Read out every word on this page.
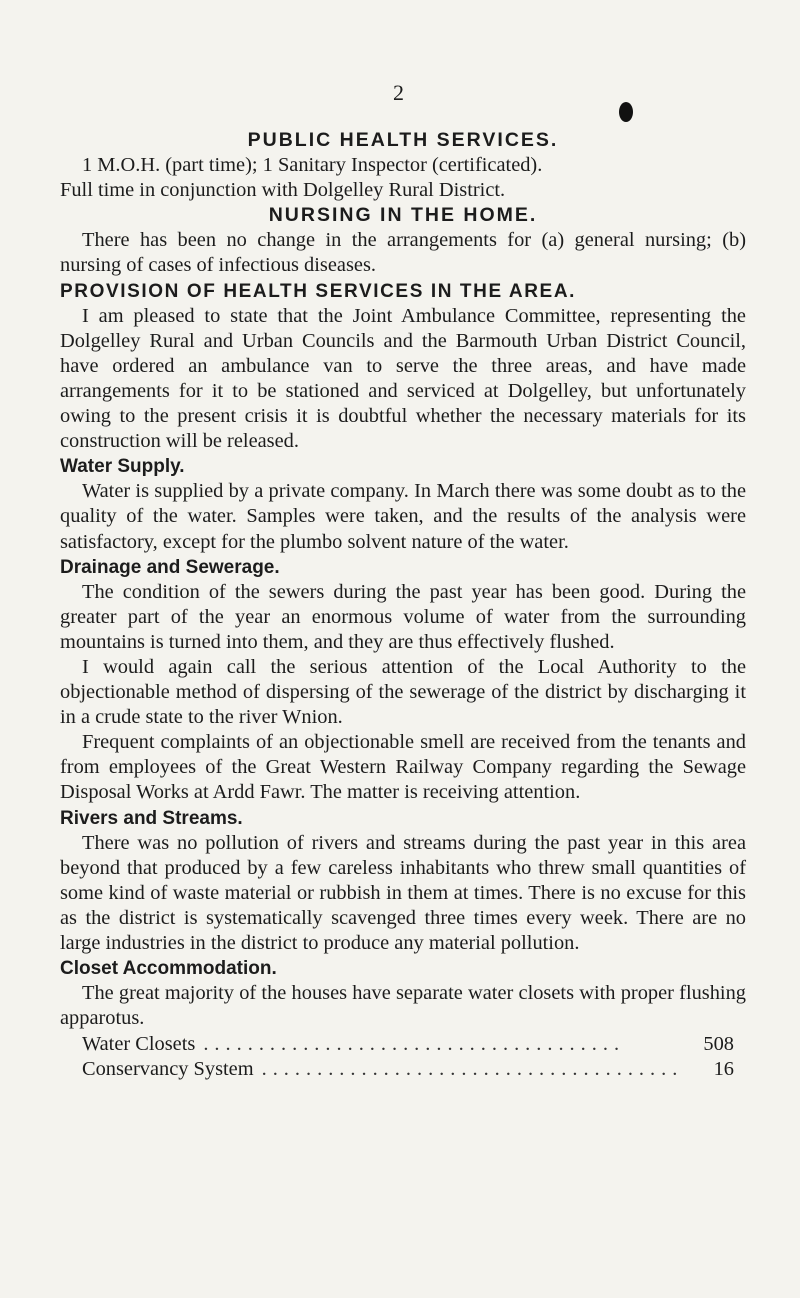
2

PUBLIC HEALTH SERVICES.

1 M.O.H. (part time); 1 Sanitary Inspector (certificated).

Full time in conjunction with Dolgelley Rural District.

NURSING IN THE HOME.

There has been no change in the arrangements for (a) general nursing; (b) nursing of cases of infectious diseases.

PROVISION OF HEALTH SERVICES IN THE AREA.

I am pleased to state that the Joint Ambulance Committee, representing the Dolgelley Rural and Urban Councils and the Barmouth Urban District Council, have ordered an ambulance van to serve the three areas, and have made arrangements for it to be stationed and serviced at Dolgelley, but unfortunately owing to the present crisis it is doubtful whether the necessary materials for its construction will be released.

Water Supply.

Water is supplied by a private company. In March there was some doubt as to the quality of the water. Samples were taken, and the results of the analysis were satisfactory, except for the plumbo solvent nature of the water.

Drainage and Sewerage.

The condition of the sewers during the past year has been good. During the greater part of the year an enormous volume of water from the surrounding mountains is turned into them, and they are thus effectively flushed.

I would again call the serious attention of the Local Authority to the objectionable method of dispersing of the sewerage of the district by discharging it in a crude state to the river Wnion.

Frequent complaints of an objectionable smell are received from the tenants and from employees of the Great Western Railway Company regarding the Sewage Disposal Works at Ardd Fawr. The matter is receiving attention.

Rivers and Streams.

There was no pollution of rivers and streams during the past year in this area beyond that produced by a few careless inhabitants who threw small quantities of some kind of waste material or rubbish in them at times. There is no excuse for this as the district is systematically scavenged three times every week. There are no large industries in the district to produce any material pollution.

Closet Accommodation.

The great majority of the houses have separate water closets with proper flushing apparotus.

Water Closets ......................................	508
Conservancy System ......................................	16
